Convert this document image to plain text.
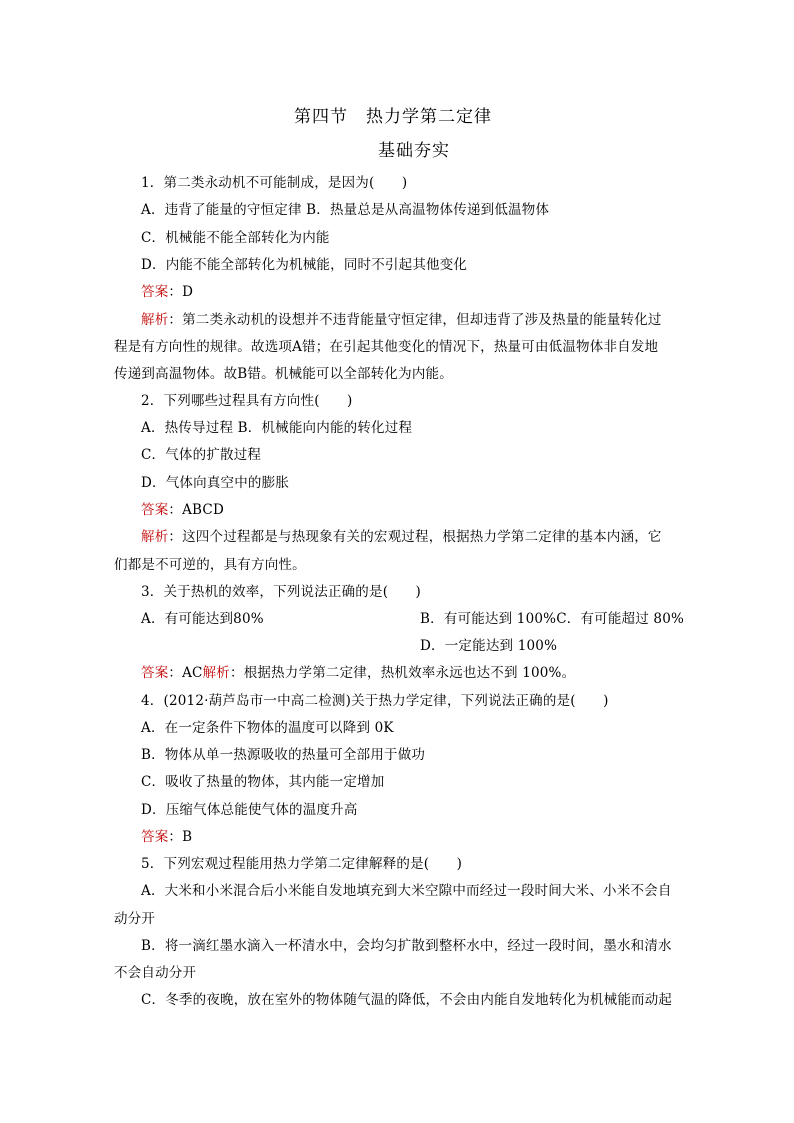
第四节　热力学第二定律
基础夯实
1．第二类永动机不可能制成，是因为(　　)
A．违背了能量的守恒定律 B．热量总是从高温物体传递到低温物体
C．机械能不能全部转化为内能
D．内能不能全部转化为机械能，同时不引起其他变化
答案：D
解析：第二类永动机的设想并不违背能量守恒定律，但却违背了涉及热量的能量转化过
程是有方向性的规律。故选项A错；在引起其他变化的情况下，热量可由低温物体非自发地
传递到高温物体。故B错。机械能可以全部转化为内能。
2．下列哪些过程具有方向性(　　)
A．热传导过程 B．机械能向内能的转化过程
C．气体的扩散过程
D．气体向真空中的膨胀
答案：ABCD
解析：这四个过程都是与热现象有关的宏观过程，根据热力学第二定律的基本内涵，它
们都是不可逆的，具有方向性。
3．关于热机的效率，下列说法正确的是(　　)
A．有可能达到80%	B．有可能达到 100%C．有可能超过 80%
D．一定能达到 100%
答案：AC解析：根据热力学第二定律，热机效率永远也达不到 100%。
4．(2012·葫芦岛市一中高二检测)关于热力学定律，下列说法正确的是(　　)
A．在一定条件下物体的温度可以降到 0K
B．物体从单一热源吸收的热量可全部用于做功
C．吸收了热量的物体，其内能一定增加
D．压缩气体总能使气体的温度升高
答案：B
5．下列宏观过程能用热力学第二定律解释的是(　　)
A．大米和小米混合后小米能自发地填充到大米空隙中而经过一段时间大米、小米不会自
动分开
B．将一滴红墨水滴入一杯清水中，会均匀扩散到整杯水中，经过一段时间，墨水和清水
不会自动分开
C．冬季的夜晚，放在室外的物体随气温的降低，不会由内能自发地转化为机械能而动起
